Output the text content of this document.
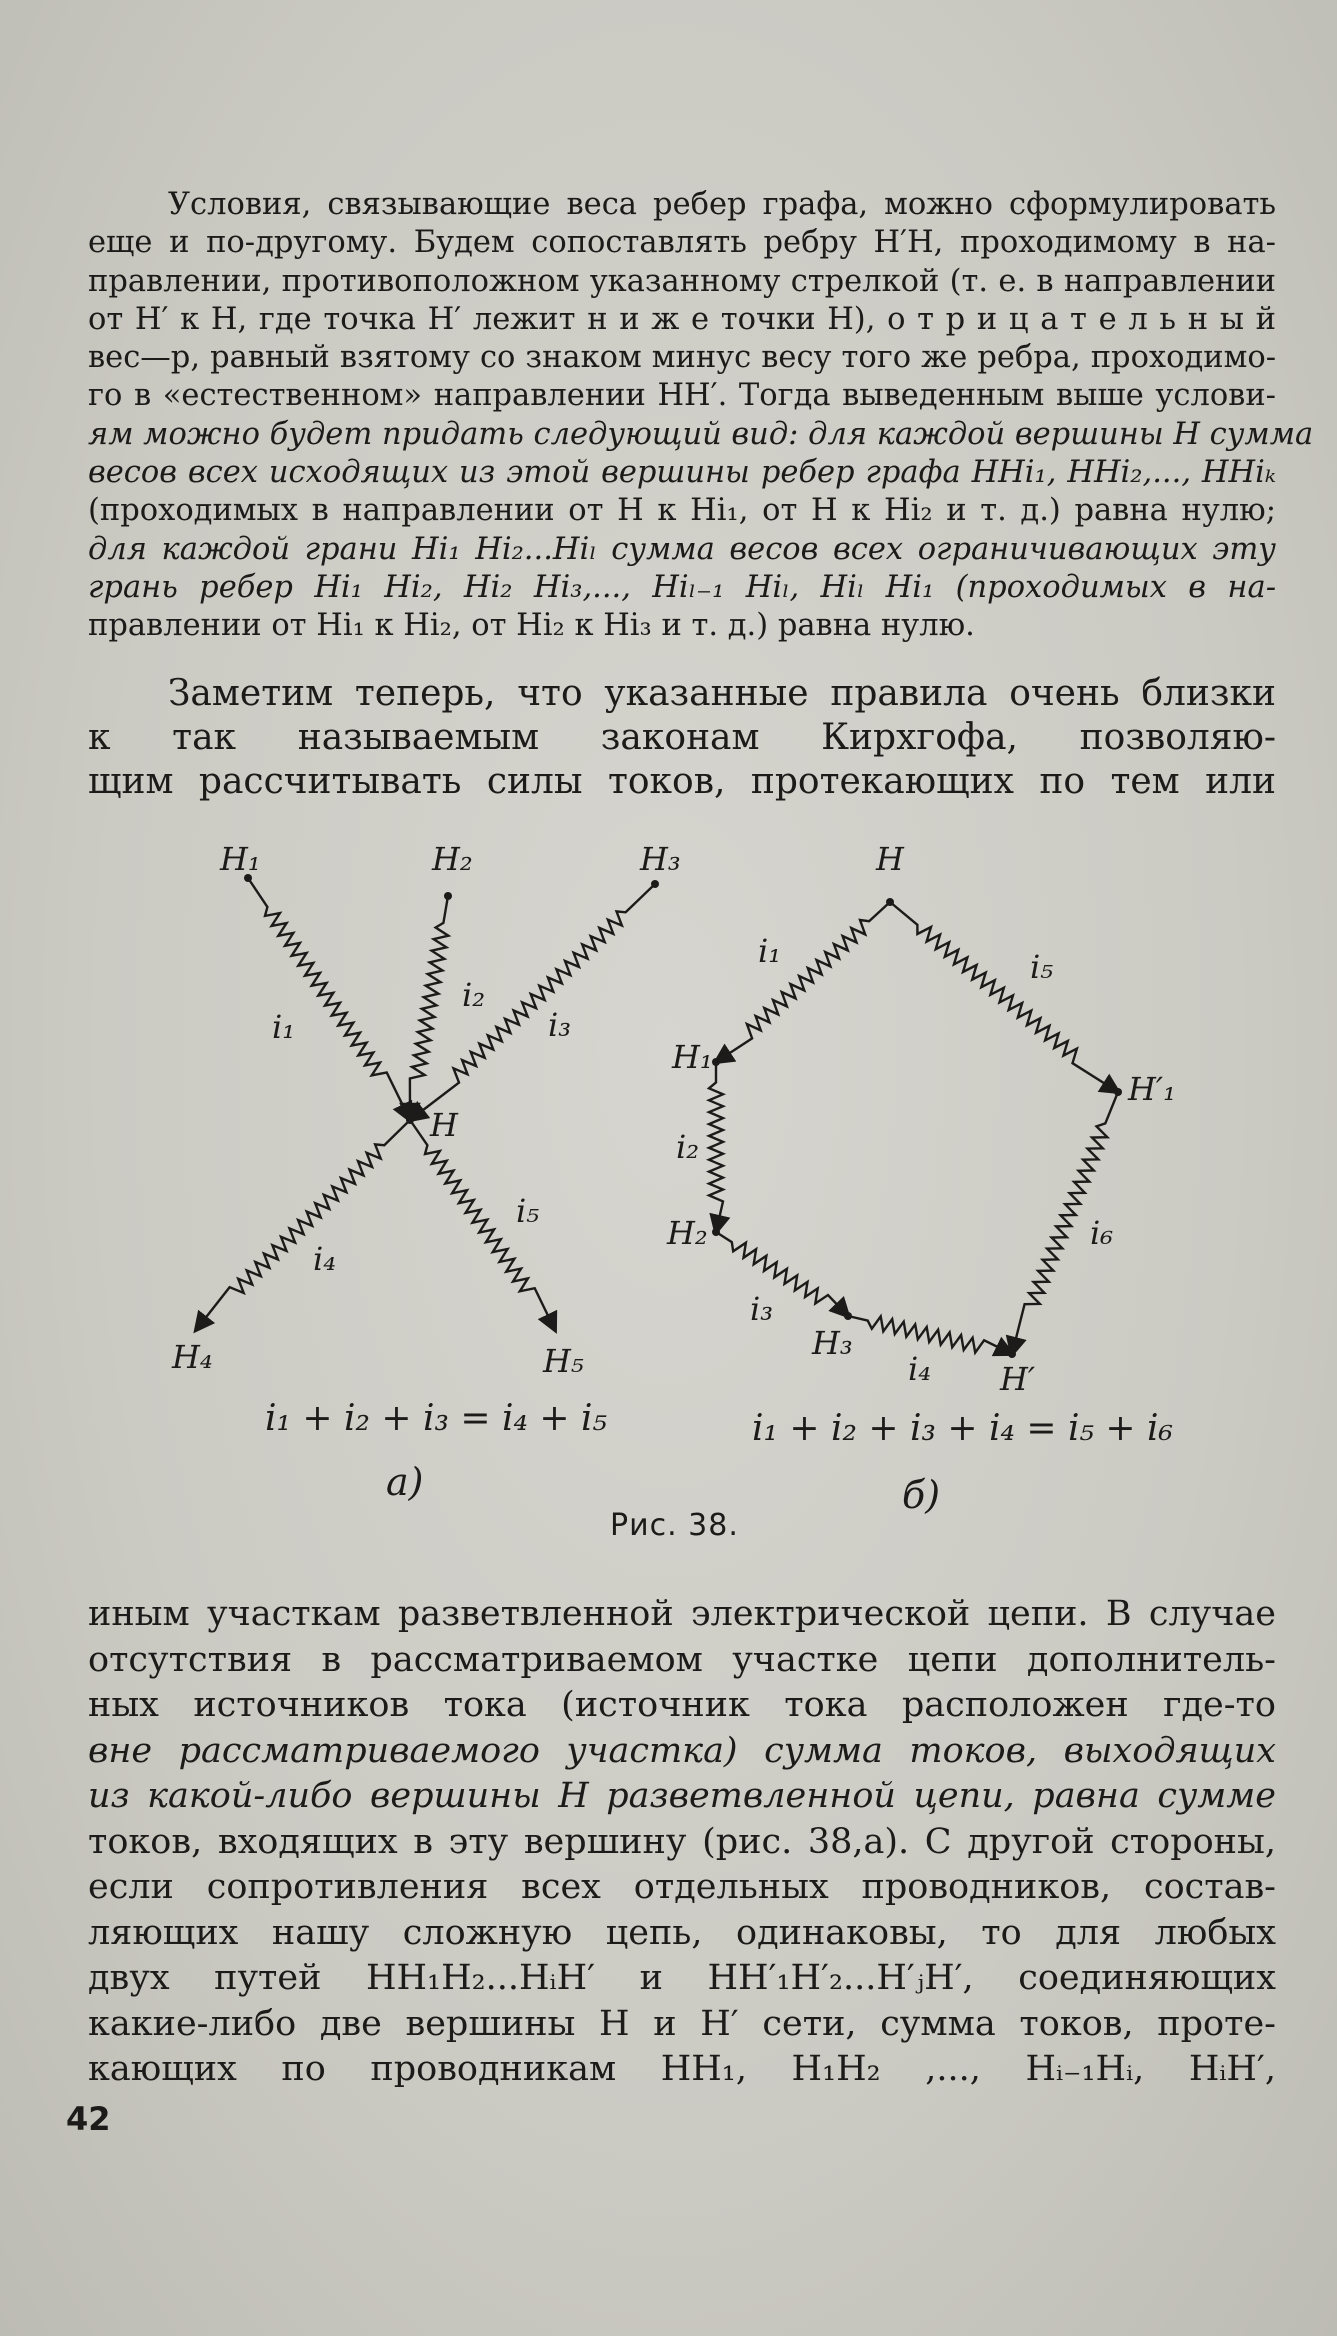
Условия, связывающие веса ребер графа, можно сформулировать
еще и по-другому. Будем сопоставлять ребру H′H, проходимому в на-
правлении, противоположном указанному стрелкой (т. е. в направлении
от H′ к H, где точка H′ лежит н и ж е точки H), о т р и ц а т е л ь н ы й
вес—p, равный взятому со знаком минус весу того же ребра, проходимо-
го в «естественном» направлении HH′. Тогда выведенным выше услови-
ям можно будет придать следующий вид: для каждой вершины H сумма
весов всех исходящих из этой вершины ребер графа HHi₁, HHi₂,..., HHiₖ
(проходимых в направлении от H к Hi₁, от H к Hi₂ и т. д.) равна нулю;
для каждой грани Hi₁ Hi₂...Hiₗ сумма весов всех ограничивающих эту
грань ребер Hi₁ Hi₂, Hi₂ Hi₃,..., Hiₗ₋₁ Hiₗ, Hiₗ Hi₁ (проходимых в на-
правлении от Hi₁ к Hi₂, от Hi₂ к Hi₃ и т. д.) равна нулю.
Заметим теперь, что указанные правила очень близки
к так называемым законам Кирхгофа, позволяю-
щим рассчитывать силы токов, протекающих по тем или
H₁	H₂	H₃
H
H₄	H₅
i₁
i₂
i₃
i₄
i₅
i₁ + i₂ + i₃ = i₄ + i₅
a)
H
H₁
H₂
H₃
H′
H′₁
i₁
i₂
i₃
i₄
i₅
i₆
i₁ + i₂ + i₃ + i₄ = i₅ + i₆
б)
Рис. 38.
иным участкам разветвленной электрической цепи. В случае
отсутствия в рассматриваемом участке цепи дополнитель-
ных источников тока (источник тока расположен где-то
вне рассматриваемого участка) сумма токов, выходящих
из какой-либо вершины H разветвленной цепи, равна сумме
токов, входящих в эту вершину (рис. 38,а). С другой стороны,
если сопротивления всех отдельных проводников, состав-
ляющих нашу сложную цепь, одинаковы, то для любых
двух путей HH₁H₂...HᵢH′ и HH′₁H′₂...H′ⱼH′, соединяющих
какие-либо две вершины H и H′ сети, сумма токов, проте-
кающих по проводникам HH₁, H₁H₂ ,..., Hᵢ₋₁Hᵢ, HᵢH′,
42
